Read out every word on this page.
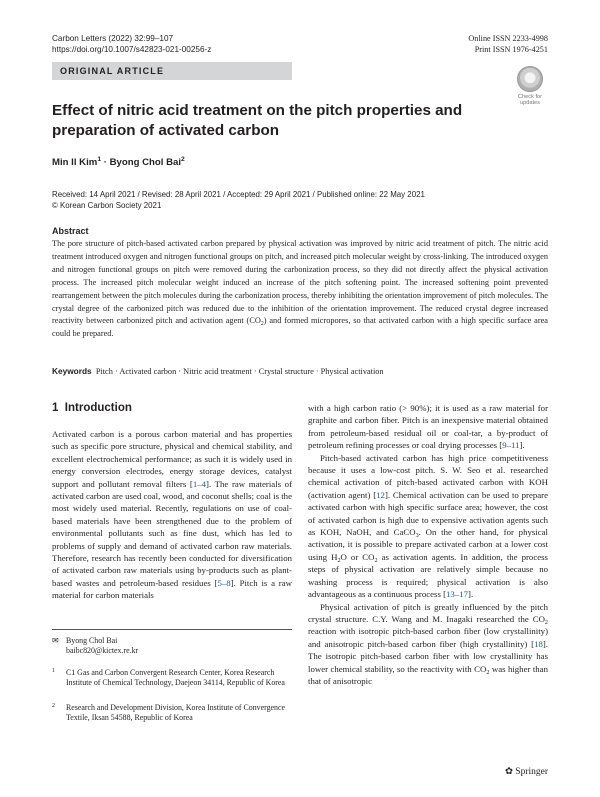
Carbon Letters (2022) 32:99–107
https://doi.org/10.1007/s42823-021-00256-z
Online ISSN 2233-4998
Print ISSN 1976-4251
ORIGINAL ARTICLE
Check for
updates
Effect of nitric acid treatment on the pitch properties and preparation of activated carbon
Min Il Kim$^1$ · Byong Chol Bai$^2$
Received: 14 April 2021 / Revised: 28 April 2021 / Accepted: 29 April 2021 / Published online: 22 May 2021
© Korean Carbon Society 2021
Abstract

The pore structure of pitch-based activated carbon prepared by physical activation was improved by nitric acid treatment of pitch. The nitric acid treatment introduced oxygen and nitrogen functional groups on pitch, and increased pitch molecular weight by cross-linking. The introduced oxygen and nitrogen functional groups on pitch were removed during the carbonization process, so they did not directly affect the physical activation process. The increased pitch molecular weight induced an increase of the pitch softening point. The increased softening point prevented rearrangement between the pitch molecules during the carbonization process, thereby inhibiting the orientation improvement of pitch molecules. The crystal degree of the carbonized pitch was reduced due to the inhibition of the orientation improvement. The reduced crystal degree increased reactivity between carbonized pitch and activation agent $(CO_2)$ and formed micropores, so that activated carbon with a high specific surface area could be prepared.

Keywords Pitch · Activated carbon · Nitric acid treatment · Crystal structure · Physical activation
1 Introduction

Activated carbon is a porous carbon material and has properties such as specific pore structure, physical and chemical stability, and excellent electrochemical performance; as such it is widely used in energy conversion electrodes, energy storage devices, catalyst support and pollutant removal filters [1–4]. The raw materials of activated carbon are used coal, wood, and coconut shells; coal is the most widely used material. Recently, regulations on use of coal-based materials have been strengthened due to the problem of environmental pollutants such as fine dust, which has led to problems of supply and demand of activated carbon raw materials. Therefore, research has recently been conducted for diversification of activated carbon raw materials using by-products such as plant-based wastes and petroleum-based residues [5–8]. Pitch is a raw material for carbon materials

with a high carbon ratio (> 90%); it is used as a raw material for graphite and carbon fiber. Pitch is an inexpensive material obtained from petroleum-based residual oil or coal-tar, a by-product of petroleum refining processes or coal drying processes [9–11].

Pitch-based activated carbon has high price competitiveness because it uses a low-cost pitch. S. W. Seo et al. researched chemical activation of pitch-based activated carbon with KOH (activation agent) [12]. Chemical activation can be used to prepare activated carbon with high specific surface area; however, the cost of activated carbon is high due to expensive activation agents such as KOH, NaOH, and CaCO$_3$. On the other hand, for physical activation, it is possible to prepare activated carbon at a lower cost using $H_2O$ or $CO_2$ as activation agents. In addition, the process steps of physical activation are relatively simple because no washing process is required; physical activation is also advantageous as a continuous process [13–17].

Physical activation of pitch is greatly influenced by the pitch crystal structure. C.Y. Wang and M. Inagaki researched the $CO_2$ reaction with isotropic pitch-based carbon fiber (low crystallinity) and anisotropic pitch-based carbon fiber (high crystallinity) [18]. The isotropic pitch-based carbon fiber with low crystallinity has lower chemical stability, so the reactivity with $CO_2$ was higher than that of anisotropic

✉ Byong Chol Bai
baibc820@kictex.re.kr
1 C1 Gas and Carbon Convergent Research Center, Korea Research Institute of Chemical Technology, Daejeon 34114, Republic of Korea
2 Research and Development Division, Korea Institute of Convergence Textile, Iksan 54588, Republic of Korea
✿ Springer
